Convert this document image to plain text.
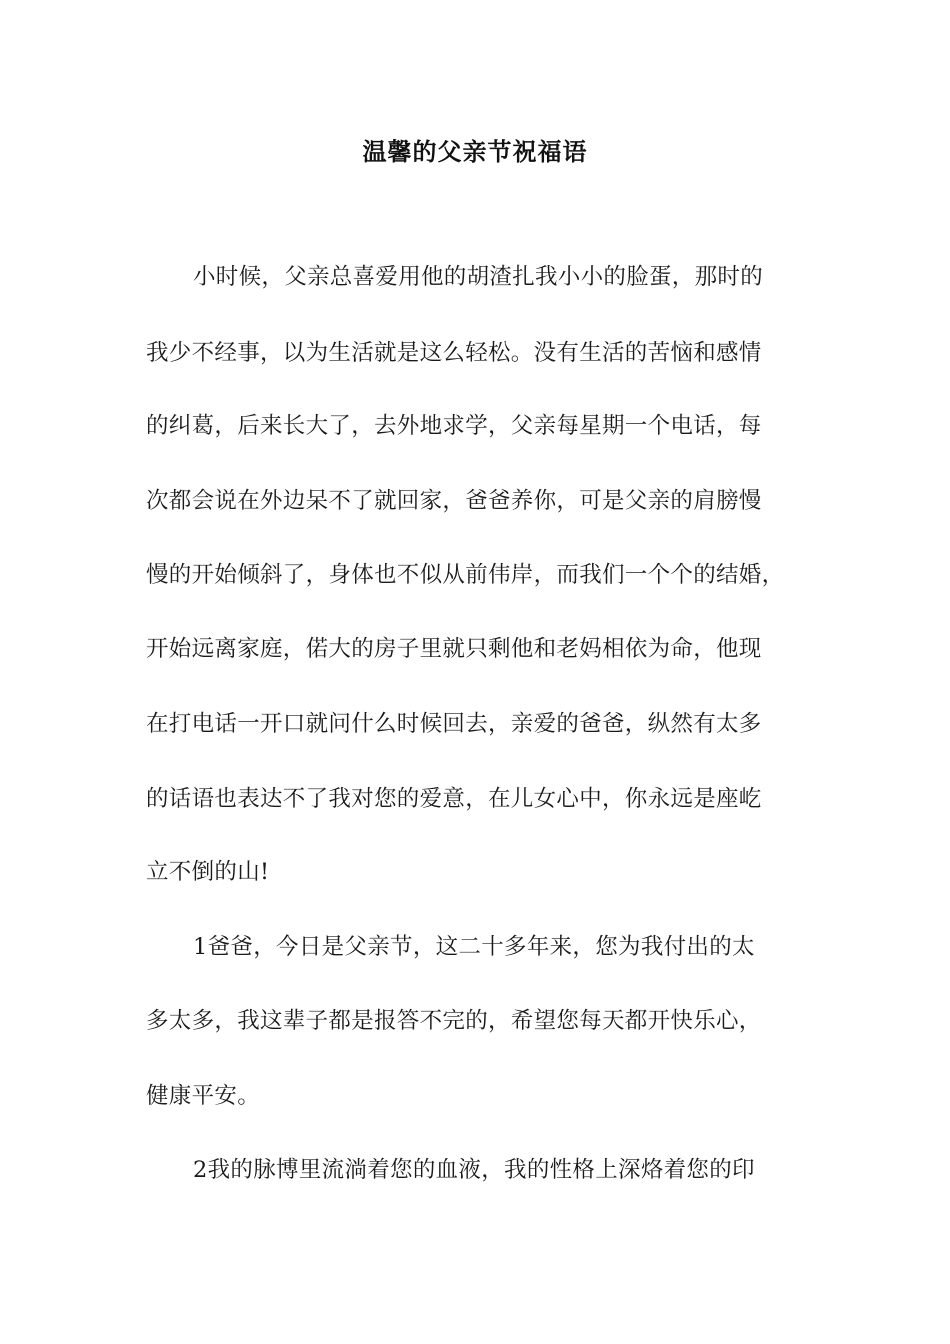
温馨的父亲节祝福语
小时候，父亲总喜爱用他的胡渣扎我小小的脸蛋，那时的
我少不经事，以为生活就是这么轻松。没有生活的苦恼和感情
的纠葛，后来长大了，去外地求学，父亲每星期一个电话，每
次都会说在外边呆不了就回家，爸爸养你，可是父亲的肩膀慢
慢的开始倾斜了，身体也不似从前伟岸，而我们一个个的结婚，
开始远离家庭，偌大的房子里就只剩他和老妈相依为命，他现
在打电话一开口就问什么时候回去，亲爱的爸爸，纵然有太多
的话语也表达不了我对您的爱意，在儿女心中，你永远是座屹
立不倒的山!
1爸爸，今日是父亲节，这二十多年来，您为我付出的太
多太多，我这辈子都是报答不完的，希望您每天都开快乐心，
健康平安。
2我的脉博里流淌着您的血液，我的性格上深烙着您的印
